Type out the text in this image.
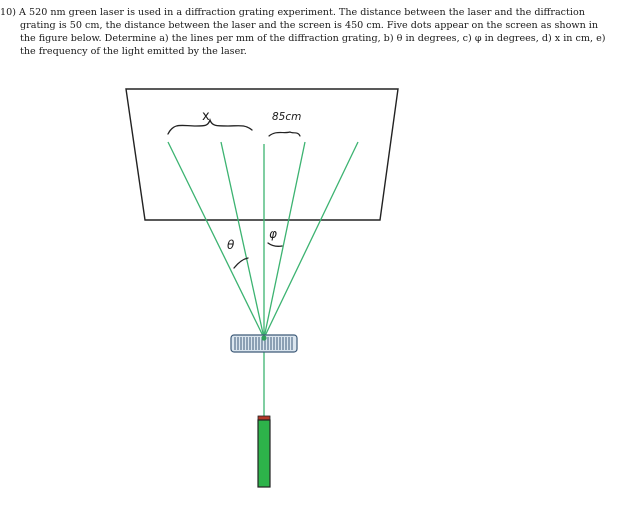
10) A 520 nm green laser is used in a diffraction grating experiment. The distance between the laser and the diffraction
grating is 50 cm, the distance between the laser and the screen is 450 cm. Five dots appear on the screen as shown in
the figure below. Determine a) the lines per mm of the diffraction grating, b) θ in degrees, c) φ in degrees, d) x in cm, e)
the frequency of the light emitted by the laser.
x	85cm
θ
φ
